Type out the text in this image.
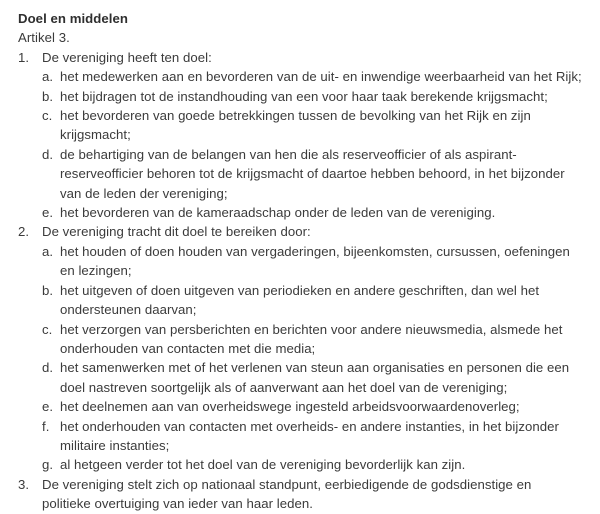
Doel en middelen
Artikel 3.
1. De vereniging heeft ten doel:
a. het medewerken aan en bevorderen van de uit- en inwendige weerbaarheid van het Rijk;
b. het bijdragen tot de instandhouding van een voor haar taak berekende krijgsmacht;
c. het bevorderen van goede betrekkingen tussen de bevolking van het Rijk en zijn krijgsmacht;
d. de behartiging van de belangen van hen die als reserveofficier of als aspirant-reserveofficier behoren tot de krijgsmacht of daartoe hebben behoord, in het bijzonder van de leden der vereniging;
e. het bevorderen van de kameraadschap onder de leden van de vereniging.
2. De vereniging tracht dit doel te bereiken door:
a. het houden of doen houden van vergaderingen, bijeenkomsten, cursussen, oefeningen en lezingen;
b. het uitgeven of doen uitgeven van periodieken en andere geschriften, dan wel het ondersteunen daarvan;
c. het verzorgen van persberichten en berichten voor andere nieuwsmedia, alsmede het onderhouden van contacten met die media;
d. het samenwerken met of het verlenen van steun aan organisaties en personen die een doel nastreven soortgelijk als of aanverwant aan het doel van de vereniging;
e. het deelnemen aan van overheidswege ingesteld arbeidsvoorwaardenoverleg;
f. het onderhouden van contacten met overheids- en andere instanties, in het bijzonder militaire instanties;
g. al hetgeen verder tot het doel van de vereniging bevorderlijk kan zijn.
3. De vereniging stelt zich op nationaal standpunt, eerbiedigende de godsdienstige en politieke overtuiging van ieder van haar leden.
